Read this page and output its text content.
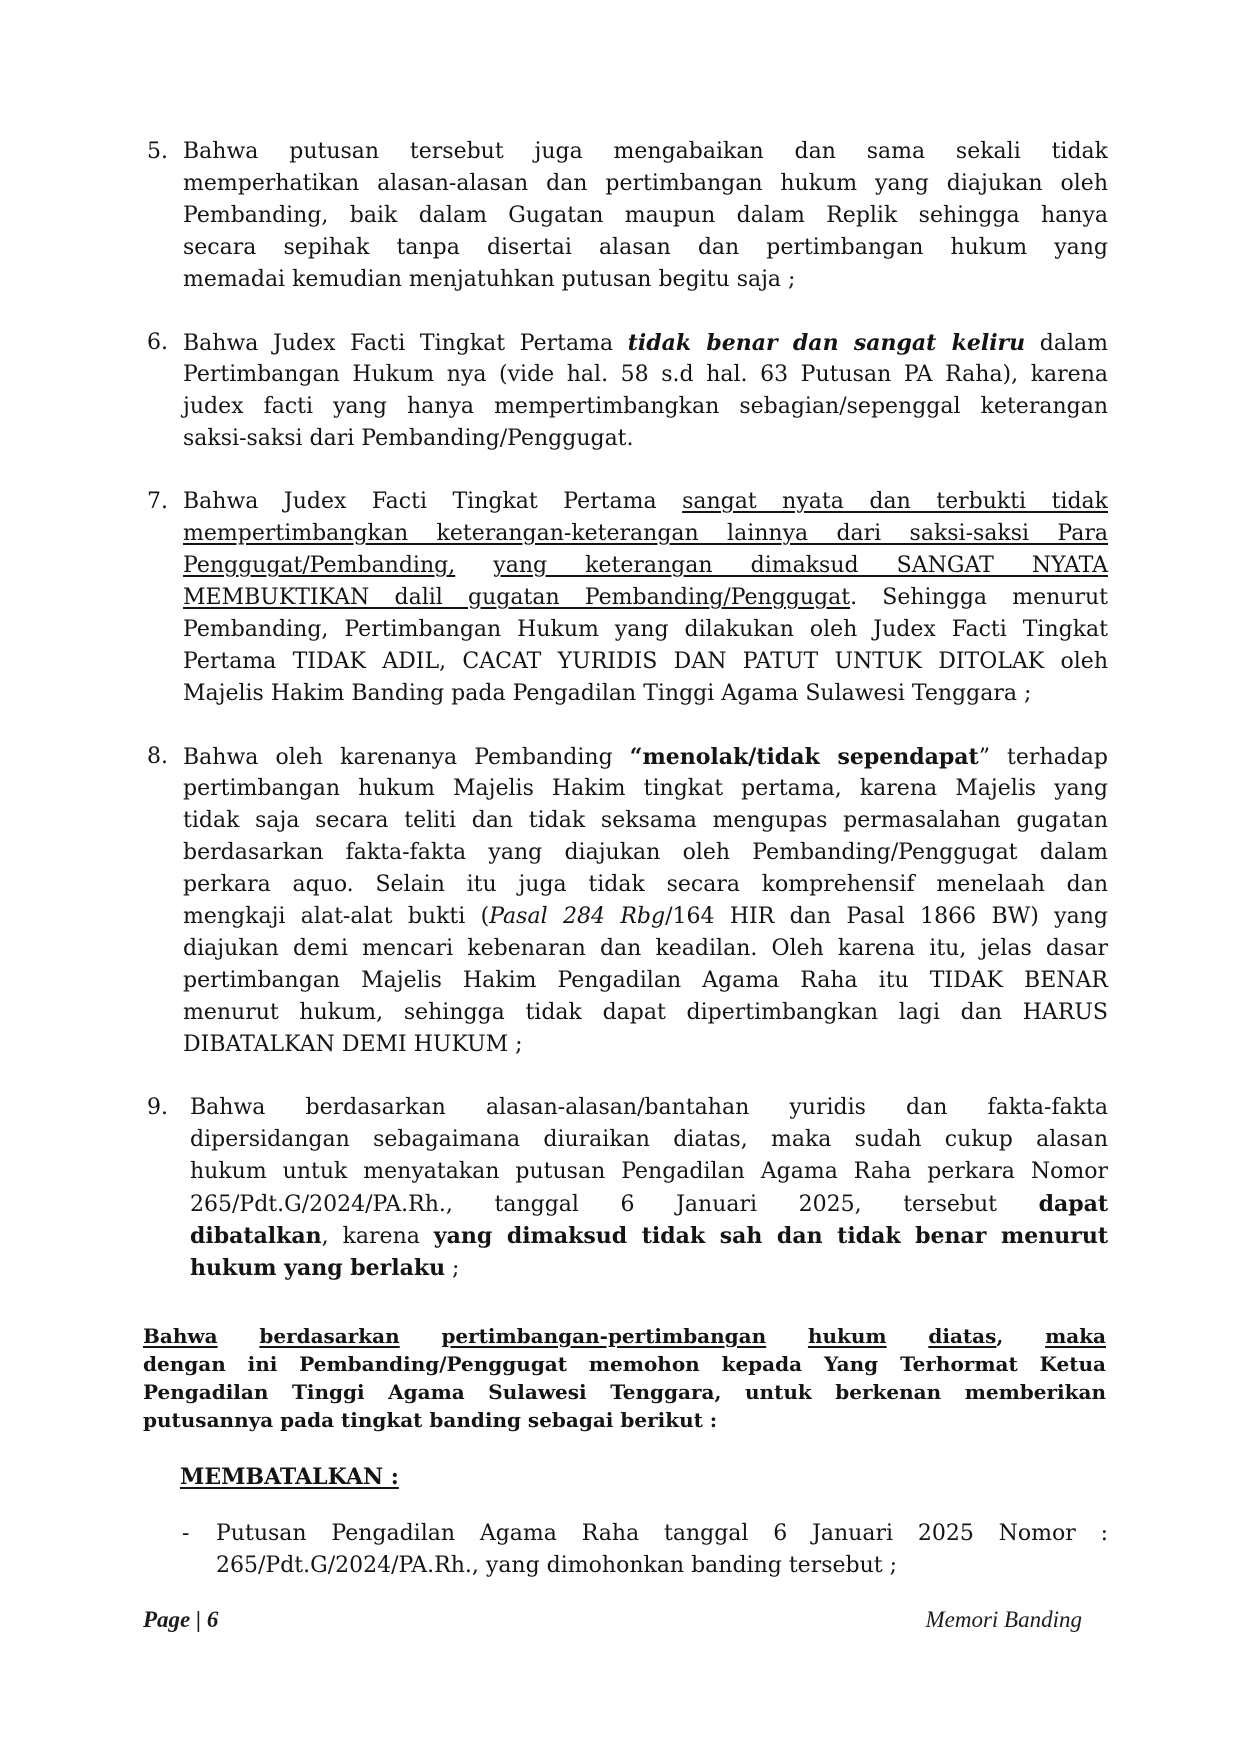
5. Bahwa putusan tersebut juga mengabaikan dan sama sekali tidak
memperhatikan alasan-alasan dan pertimbangan hukum yang diajukan oleh
Pembanding, baik dalam Gugatan maupun dalam Replik sehingga hanya
secara sepihak tanpa disertai alasan dan pertimbangan hukum yang
memadai kemudian menjatuhkan putusan begitu saja ;
6. Bahwa Judex Facti Tingkat Pertama tidak benar dan sangat keliru dalam
Pertimbangan Hukum nya (vide hal. 58 s.d hal. 63 Putusan PA Raha), karena
judex facti yang hanya mempertimbangkan sebagian/sepenggal keterangan
saksi-saksi dari Pembanding/Penggugat.
7. Bahwa Judex Facti Tingkat Pertama sangat nyata dan terbukti tidak
mempertimbangkan keterangan-keterangan lainnya dari saksi-saksi Para
Penggugat/Pembanding, yang keterangan dimaksud SANGAT NYATA
MEMBUKTIKAN dalil gugatan Pembanding/Penggugat. Sehingga menurut
Pembanding, Pertimbangan Hukum yang dilakukan oleh Judex Facti Tingkat
Pertama TIDAK ADIL, CACAT YURIDIS DAN PATUT UNTUK DITOLAK oleh
Majelis Hakim Banding pada Pengadilan Tinggi Agama Sulawesi Tenggara ;
8. Bahwa oleh karenanya Pembanding “menolak/tidak sependapat” terhadap
pertimbangan hukum Majelis Hakim tingkat pertama, karena Majelis yang
tidak saja secara teliti dan tidak seksama mengupas permasalahan gugatan
berdasarkan fakta-fakta yang diajukan oleh Pembanding/Penggugat dalam
perkara aquo. Selain itu juga tidak secara komprehensif menelaah dan
mengkaji alat-alat bukti (Pasal 284 Rbg/164 HIR dan Pasal 1866 BW) yang
diajukan demi mencari kebenaran dan keadilan. Oleh karena itu, jelas dasar
pertimbangan Majelis Hakim Pengadilan Agama Raha itu TIDAK BENAR
menurut hukum, sehingga tidak dapat dipertimbangkan lagi dan HARUS
DIBATALKAN DEMI HUKUM ;
9.	Bahwa berdasarkan alasan-alasan/bantahan yuridis dan fakta-fakta
dipersidangan sebagaimana diuraikan diatas, maka sudah cukup alasan
hukum untuk menyatakan putusan Pengadilan Agama Raha perkara Nomor
265/Pdt.G/2024/PA.Rh., tanggal 6 Januari 2025, tersebut dapat
dibatalkan, karena yang dimaksud tidak sah dan tidak benar menurut
hukum yang berlaku ;
Bahwa berdasarkan pertimbangan-pertimbangan hukum diatas, maka
dengan ini Pembanding/Penggugat memohon kepada Yang Terhormat Ketua
Pengadilan Tinggi Agama Sulawesi Tenggara, untuk berkenan memberikan
putusannya pada tingkat banding sebagai berikut :
MEMBATALKAN :
-	Putusan Pengadilan Agama Raha tanggal 6 Januari 2025 Nomor :
265/Pdt.G/2024/PA.Rh., yang dimohonkan banding tersebut ;
Page | 6	Memori Banding
